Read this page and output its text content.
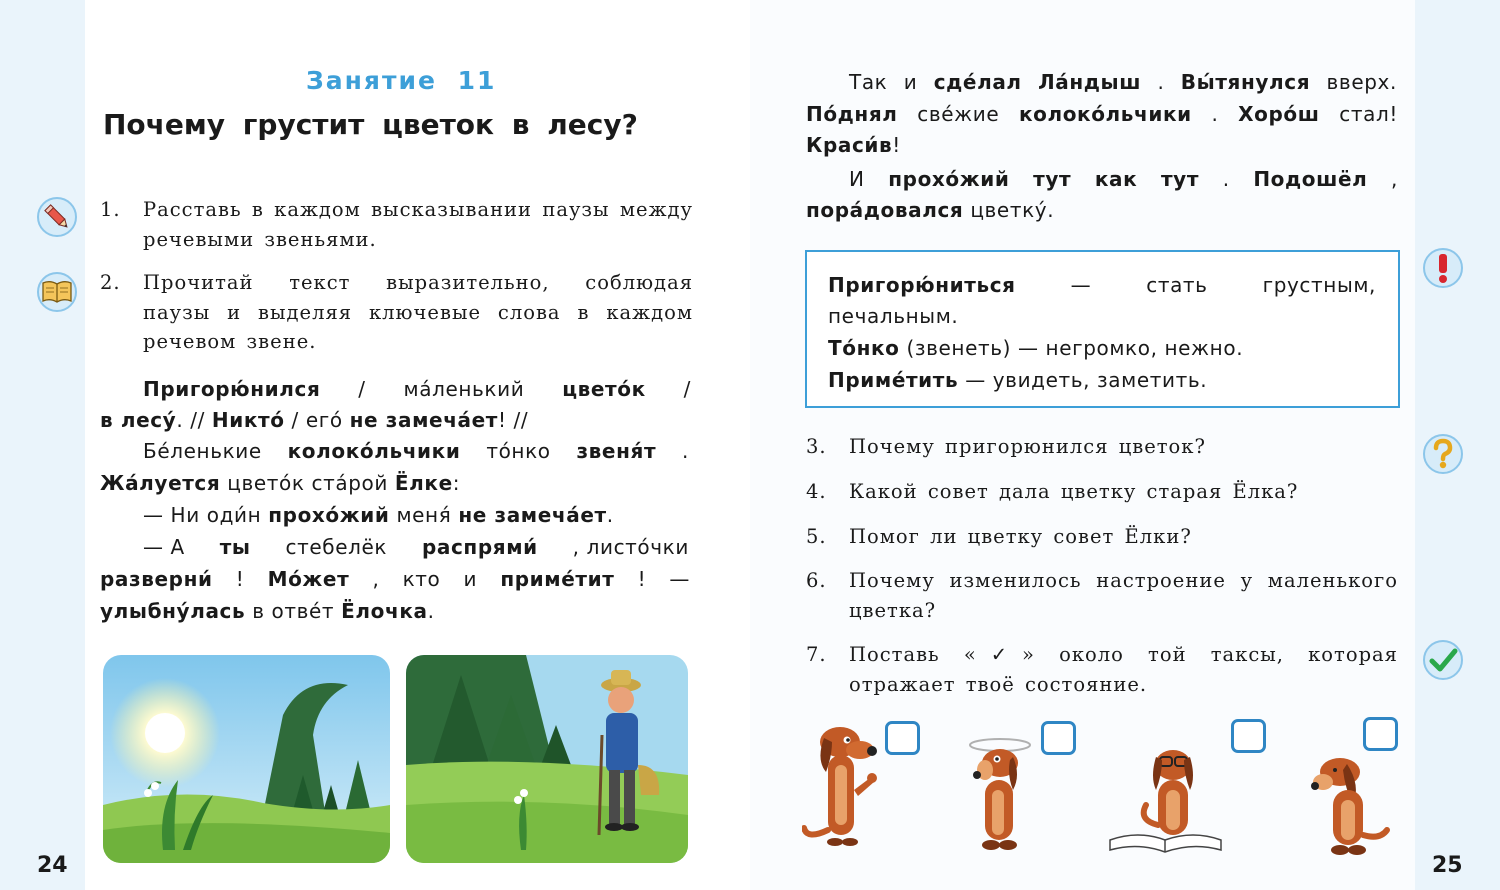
Занятие 11
Почему грустит цветок в лесу?
1. Расставь в каждом высказывании паузы между речевыми звеньями.
2. Прочитай текст выразительно, соблюдая паузы и выделяя ключевые слова в каждом речевом звене.
Пригорю́нился / ма́ленький цвето́к /
в лесу́ . // Никто́ / его́ не замеча́ет ! //
Бе́ленькие колоко́льчики то́нко звеня́т .
Жа́луется цвето́к ста́рой Ёлке :
— Ни оди́н прохо́жий меня́ не замеча́ет .
— А ты стебелёк распрями́ , листо́чки
разверни́ ! Мо́жет , кто и приме́тит ! —
улыбну́лась в отве́т Ёлочка .
24
Так и сде́лал Ла́ндыш . Вы́тянулся вверх.
По́днял све́жие колоко́льчики . Хоро́ш стал!
Краси́в !
И прохо́жий тут как тут . Подошёл ,
пора́довался цветку́.
Пригорю́ниться	—	стать	грустным,
печальным.
То́нко (звенеть) — негромко, нежно.
Приме́тить — увидеть, заметить.
3. Почему пригорюнился цветок?
4. Какой совет дала цветку старая Ёлка?
5. Помог ли цветку совет Ёлки?
6. Почему изменилось настроение у маленького цветка?
7. Поставь «✓» около той таксы, которая отражает твоё состояние.
25
